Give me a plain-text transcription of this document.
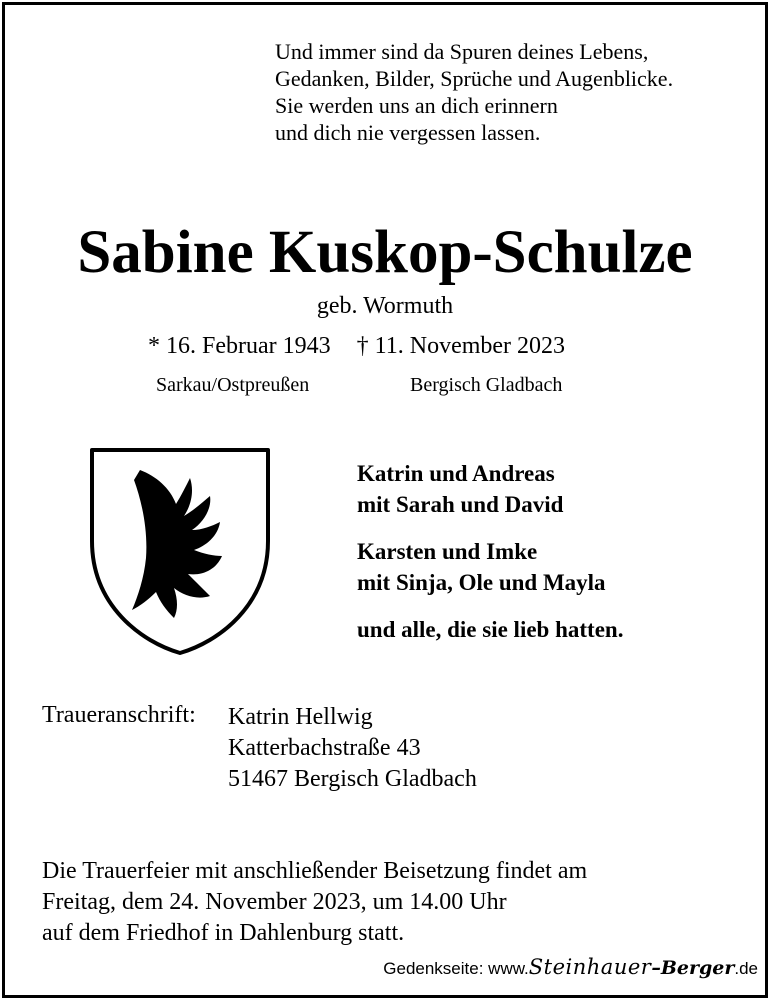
Und immer sind da Spuren deines Lebens,
Gedanken, Bilder, Sprüche und Augenblicke.
Sie werden uns an dich erinnern
und dich nie vergessen lassen.
Sabine Kuskop-Schulze
geb. Wormuth
* 16. Februar 1943 † 11. November 2023
Sarkau/Ostpreußen	Bergisch Gladbach
Katrin und Andreas
mit Sarah und David
Karsten und Imke
mit Sinja, Ole und Mayla
und alle, die sie lieb hatten.
Traueranschrift: Katrin Hellwig
Katterbachstraße 43
51467 Bergisch Gladbach
Die Trauerfeier mit anschließender Beisetzung findet am
Freitag, dem 24. November 2023, um 14.00 Uhr
auf dem Friedhof in Dahlenburg statt.
Gedenkseite: www.Steinhauer–Berger.de
